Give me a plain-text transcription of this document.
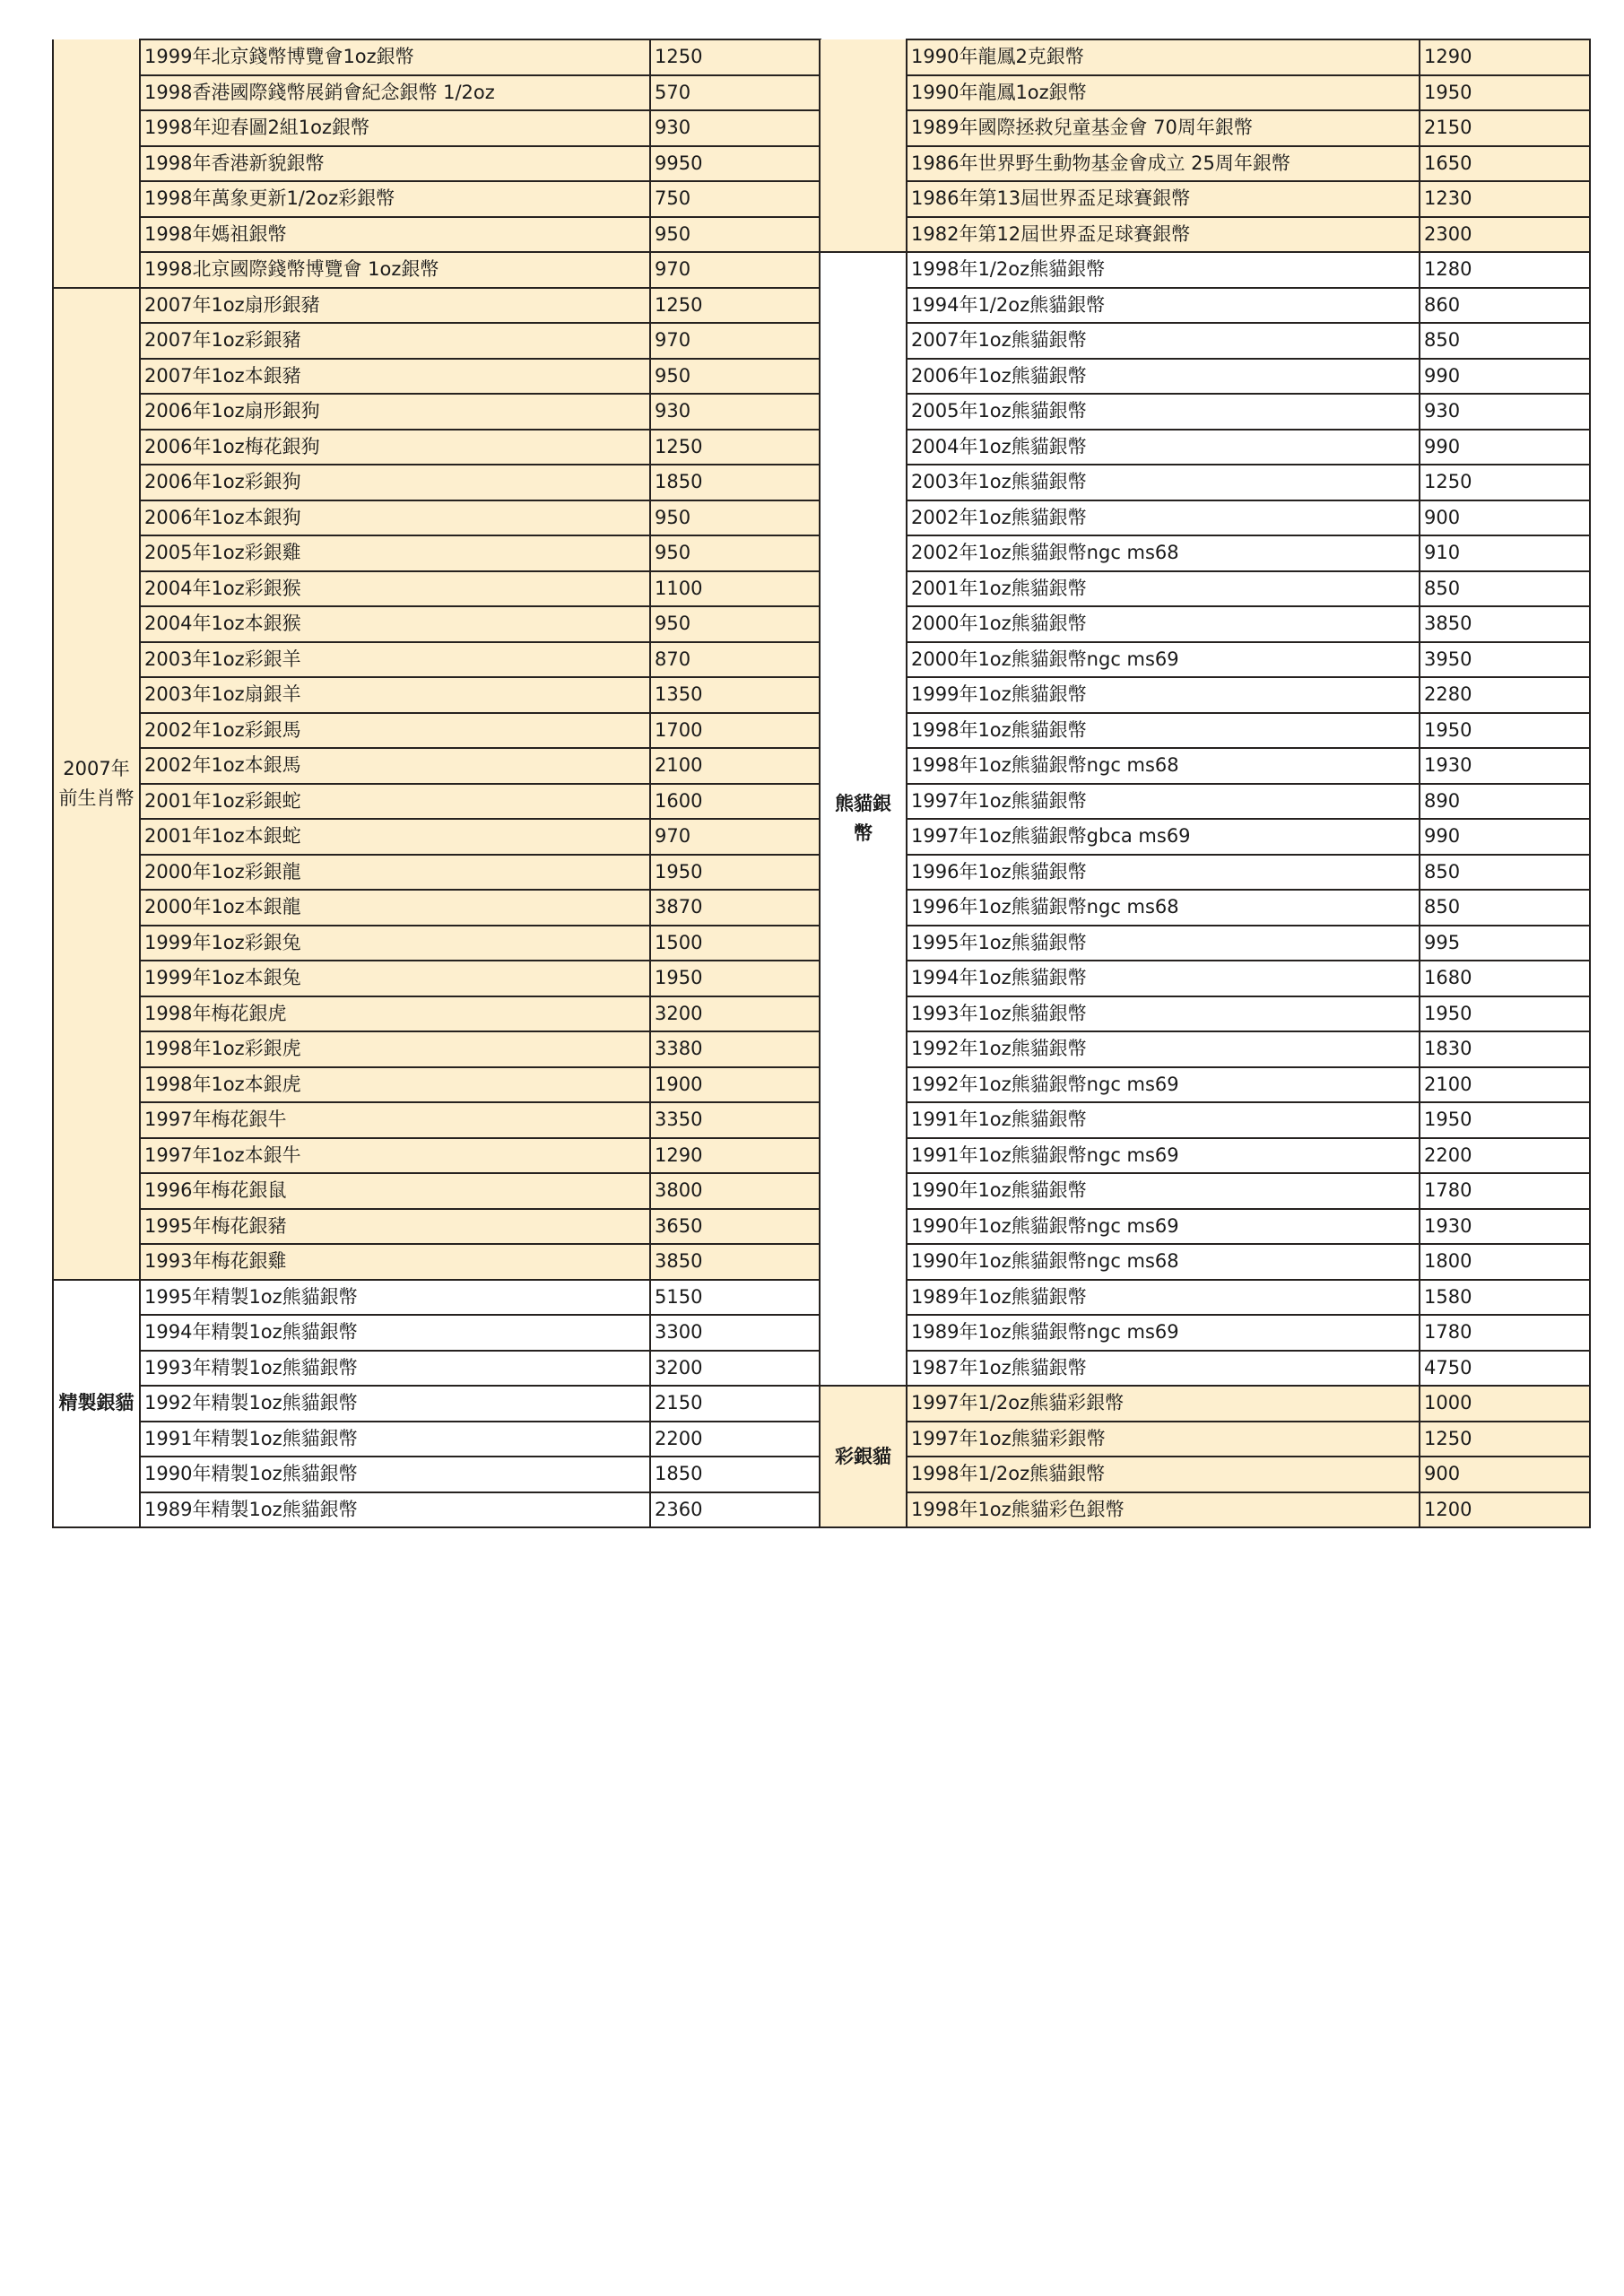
	1999年北京錢幣博覽會1oz銀幣	1250
	1998香港國際錢幣展銷會紀念銀幣 1/2oz	570
	1998年迎春圖2組1oz銀幣	930
	1998年香港新貌銀幣	9950
	1998年萬象更新1/2oz彩銀幣	750
	1998年媽祖銀幣	950
	1998北京國際錢幣博覽會 1oz銀幣	970
2007年
前生肖幣	2007年1oz扇形銀豬	1250
	2007年1oz彩銀豬	970
	2007年1oz本銀豬	950
	2006年1oz扇形銀狗	930
	2006年1oz梅花銀狗	1250
	2006年1oz彩銀狗	1850
	2006年1oz本銀狗	950
	2005年1oz彩銀雞	950
	2004年1oz彩銀猴	1100
	2004年1oz本銀猴	950
	2003年1oz彩銀羊	870
	2003年1oz扇銀羊	1350
	2002年1oz彩銀馬	1700
	2002年1oz本銀馬	2100
	2001年1oz彩銀蛇	1600
	2001年1oz本銀蛇	970
	2000年1oz彩銀龍	1950
	2000年1oz本銀龍	3870
	1999年1oz彩銀兔	1500
	1999年1oz本銀兔	1950
	1998年梅花銀虎	3200
	1998年1oz彩銀虎	3380
	1998年1oz本銀虎	1900
	1997年梅花銀牛	3350
	1997年1oz本銀牛	1290
	1996年梅花銀鼠	3800
	1995年梅花銀豬	3650
	1993年梅花銀雞	3850
精製銀貓	1995年精製1oz熊貓銀幣	5150
	1994年精製1oz熊貓銀幣	3300
	1993年精製1oz熊貓銀幣	3200
	1992年精製1oz熊貓銀幣	2150
	1991年精製1oz熊貓銀幣	2200
	1990年精製1oz熊貓銀幣	1850
	1989年精製1oz熊貓銀幣	2360
	1990年龍鳳2克銀幣	1290
	1990年龍鳳1oz銀幣	1950
	1989年國際拯救兒童基金會 70周年銀幣	2150
	1986年世界野生動物基金會成立 25周年銀幣	1650
	1986年第13屆世界盃足球賽銀幣	1230
	1982年第12屆世界盃足球賽銀幣	2300
熊貓銀幣	1998年1/2oz熊貓銀幣	1280
	1994年1/2oz熊貓銀幣	860
	2007年1oz熊貓銀幣	850
	2006年1oz熊貓銀幣	990
	2005年1oz熊貓銀幣	930
	2004年1oz熊貓銀幣	990
	2003年1oz熊貓銀幣	1250
	2002年1oz熊貓銀幣	900
	2002年1oz熊貓銀幣ngc ms68	910
	2001年1oz熊貓銀幣	850
	2000年1oz熊貓銀幣	3850
	2000年1oz熊貓銀幣ngc ms69	3950
	1999年1oz熊貓銀幣	2280
	1998年1oz熊貓銀幣	1950
	1998年1oz熊貓銀幣ngc ms68	1930
	1997年1oz熊貓銀幣	890
	1997年1oz熊貓銀幣gbca ms69	990
	1996年1oz熊貓銀幣	850
	1996年1oz熊貓銀幣ngc ms68	850
	1995年1oz熊貓銀幣	995
	1994年1oz熊貓銀幣	1680
	1993年1oz熊貓銀幣	1950
	1992年1oz熊貓銀幣	1830
	1992年1oz熊貓銀幣ngc ms69	2100
	1991年1oz熊貓銀幣	1950
	1991年1oz熊貓銀幣ngc ms69	2200
	1990年1oz熊貓銀幣	1780
	1990年1oz熊貓銀幣ngc ms69	1930
	1990年1oz熊貓銀幣ngc ms68	1800
	1989年1oz熊貓銀幣	1580
	1989年1oz熊貓銀幣ngc ms69	1780
	1987年1oz熊貓銀幣	4750
彩銀貓	1997年1/2oz熊貓彩銀幣	1000
	1997年1oz熊貓彩銀幣	1250
	1998年1/2oz熊貓銀幣	900
	1998年1oz熊貓彩色銀幣	1200
